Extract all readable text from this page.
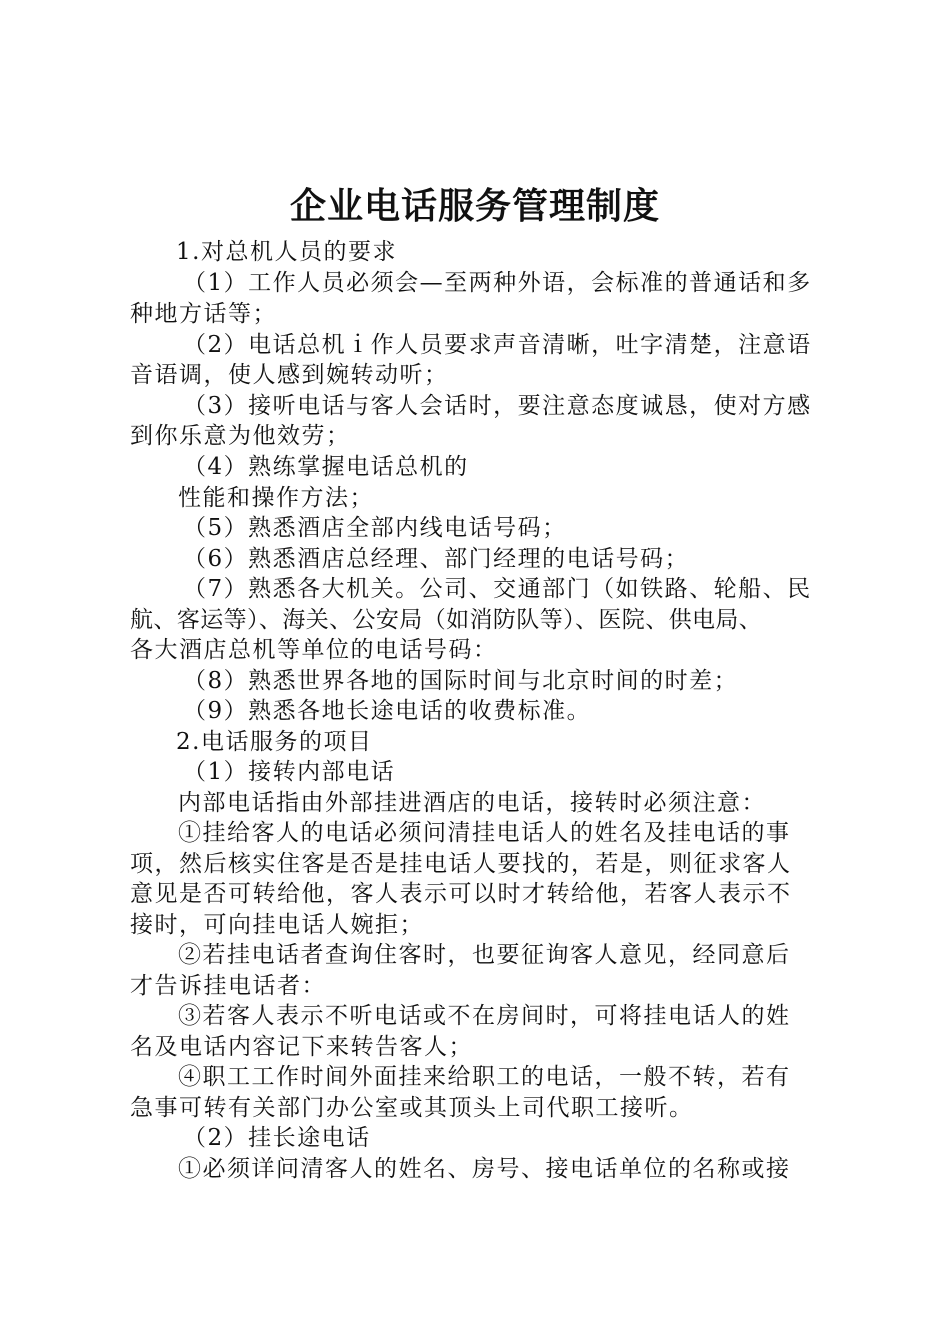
企业电话服务管理制度
1.对总机人员的要求
（1）工作人员必须会—至两种外语，会标准的普通话和多
种地方话等；
（2）电话总机ｉ作人员要求声音清晰，吐字清楚，注意语
音语调，使人感到婉转动听；
（3）接听电话与客人会话时，要注意态度诚恳，使对方感
到你乐意为他效劳；
（4）熟练掌握电话总机的
性能和操作方法；
（5）熟悉酒店全部内线电话号码；
（6）熟悉酒店总经理、部门经理的电话号码；
（7）熟悉各大机关。公司、交通部门（如铁路、轮船、民
航、客运等）、海关、公安局（如消防队等）、医院、供电局、
各大酒店总机等单位的电话号码：
（8）熟悉世界各地的国际时间与北京时间的时差；
（9）熟悉各地长途电话的收费标准。
2.电话服务的项目
（1）接转内部电话
内部电话指由外部挂进酒店的电话，接转时必须注意：
①挂给客人的电话必须问清挂电话人的姓名及挂电话的事
项，然后核实住客是否是挂电话人要找的，若是，则征求客人
意见是否可转给他，客人表示可以时才转给他，若客人表示不
接时，可向挂电话人婉拒；
②若挂电话者查询住客时，也要征询客人意见，经同意后
才告诉挂电话者：
③若客人表示不听电话或不在房间时，可将挂电话人的姓
名及电话内容记下来转告客人；
④职工工作时间外面挂来给职工的电话，一般不转，若有
急事可转有关部门办公室或其顶头上司代职工接听。
（2）挂长途电话
①必须详问清客人的姓名、房号、接电话单位的名称或接
